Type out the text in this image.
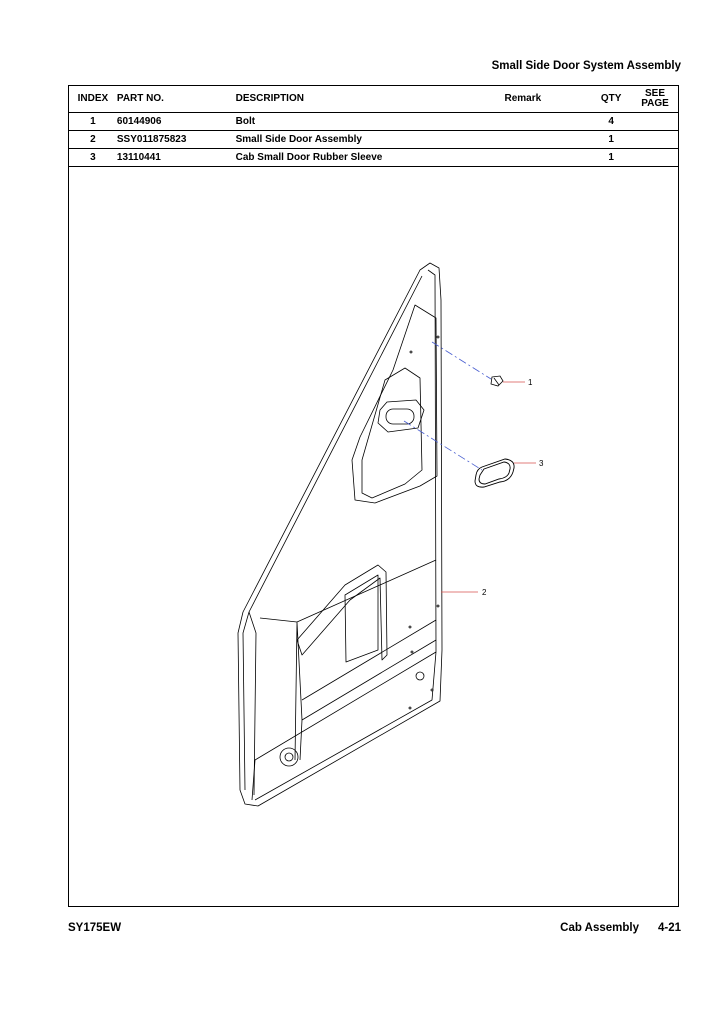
Small Side Door System Assembly
INDEX	PART NO.	DESCRIPTION	Remark	QTY	SEE
PAGE
1	60144906	Bolt		4	
2	SSY011875823	Small Side Door Assembly		1	
3	13110441	Cab Small Door Rubber Sleeve		1	
1
3
2
SY175EW	Cab Assembly 4-21
